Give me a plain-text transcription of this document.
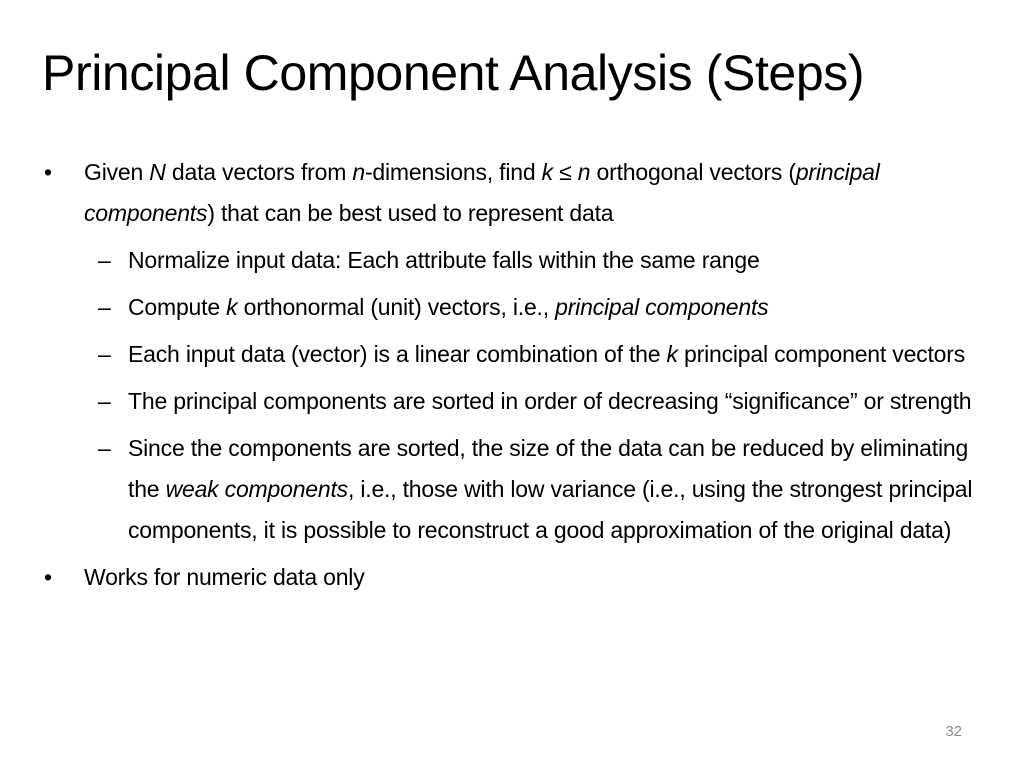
Principal Component Analysis (Steps)
•	Given N data vectors from n-dimensions, find k ≤ n orthogonal vectors (principal components) that can be best used to represent data
– Normalize input data: Each attribute falls within the same range
– Compute k orthonormal (unit) vectors, i.e., principal components
– Each input data (vector) is a linear combination of the k principal component vectors
– The principal components are sorted in order of decreasing “significance” or strength
– Since the components are sorted, the size of the data can be reduced by eliminating the weak components, i.e., those with low variance (i.e., using the strongest principal components, it is possible to reconstruct a good approximation of the original data)
•	Works for numeric data only
32
